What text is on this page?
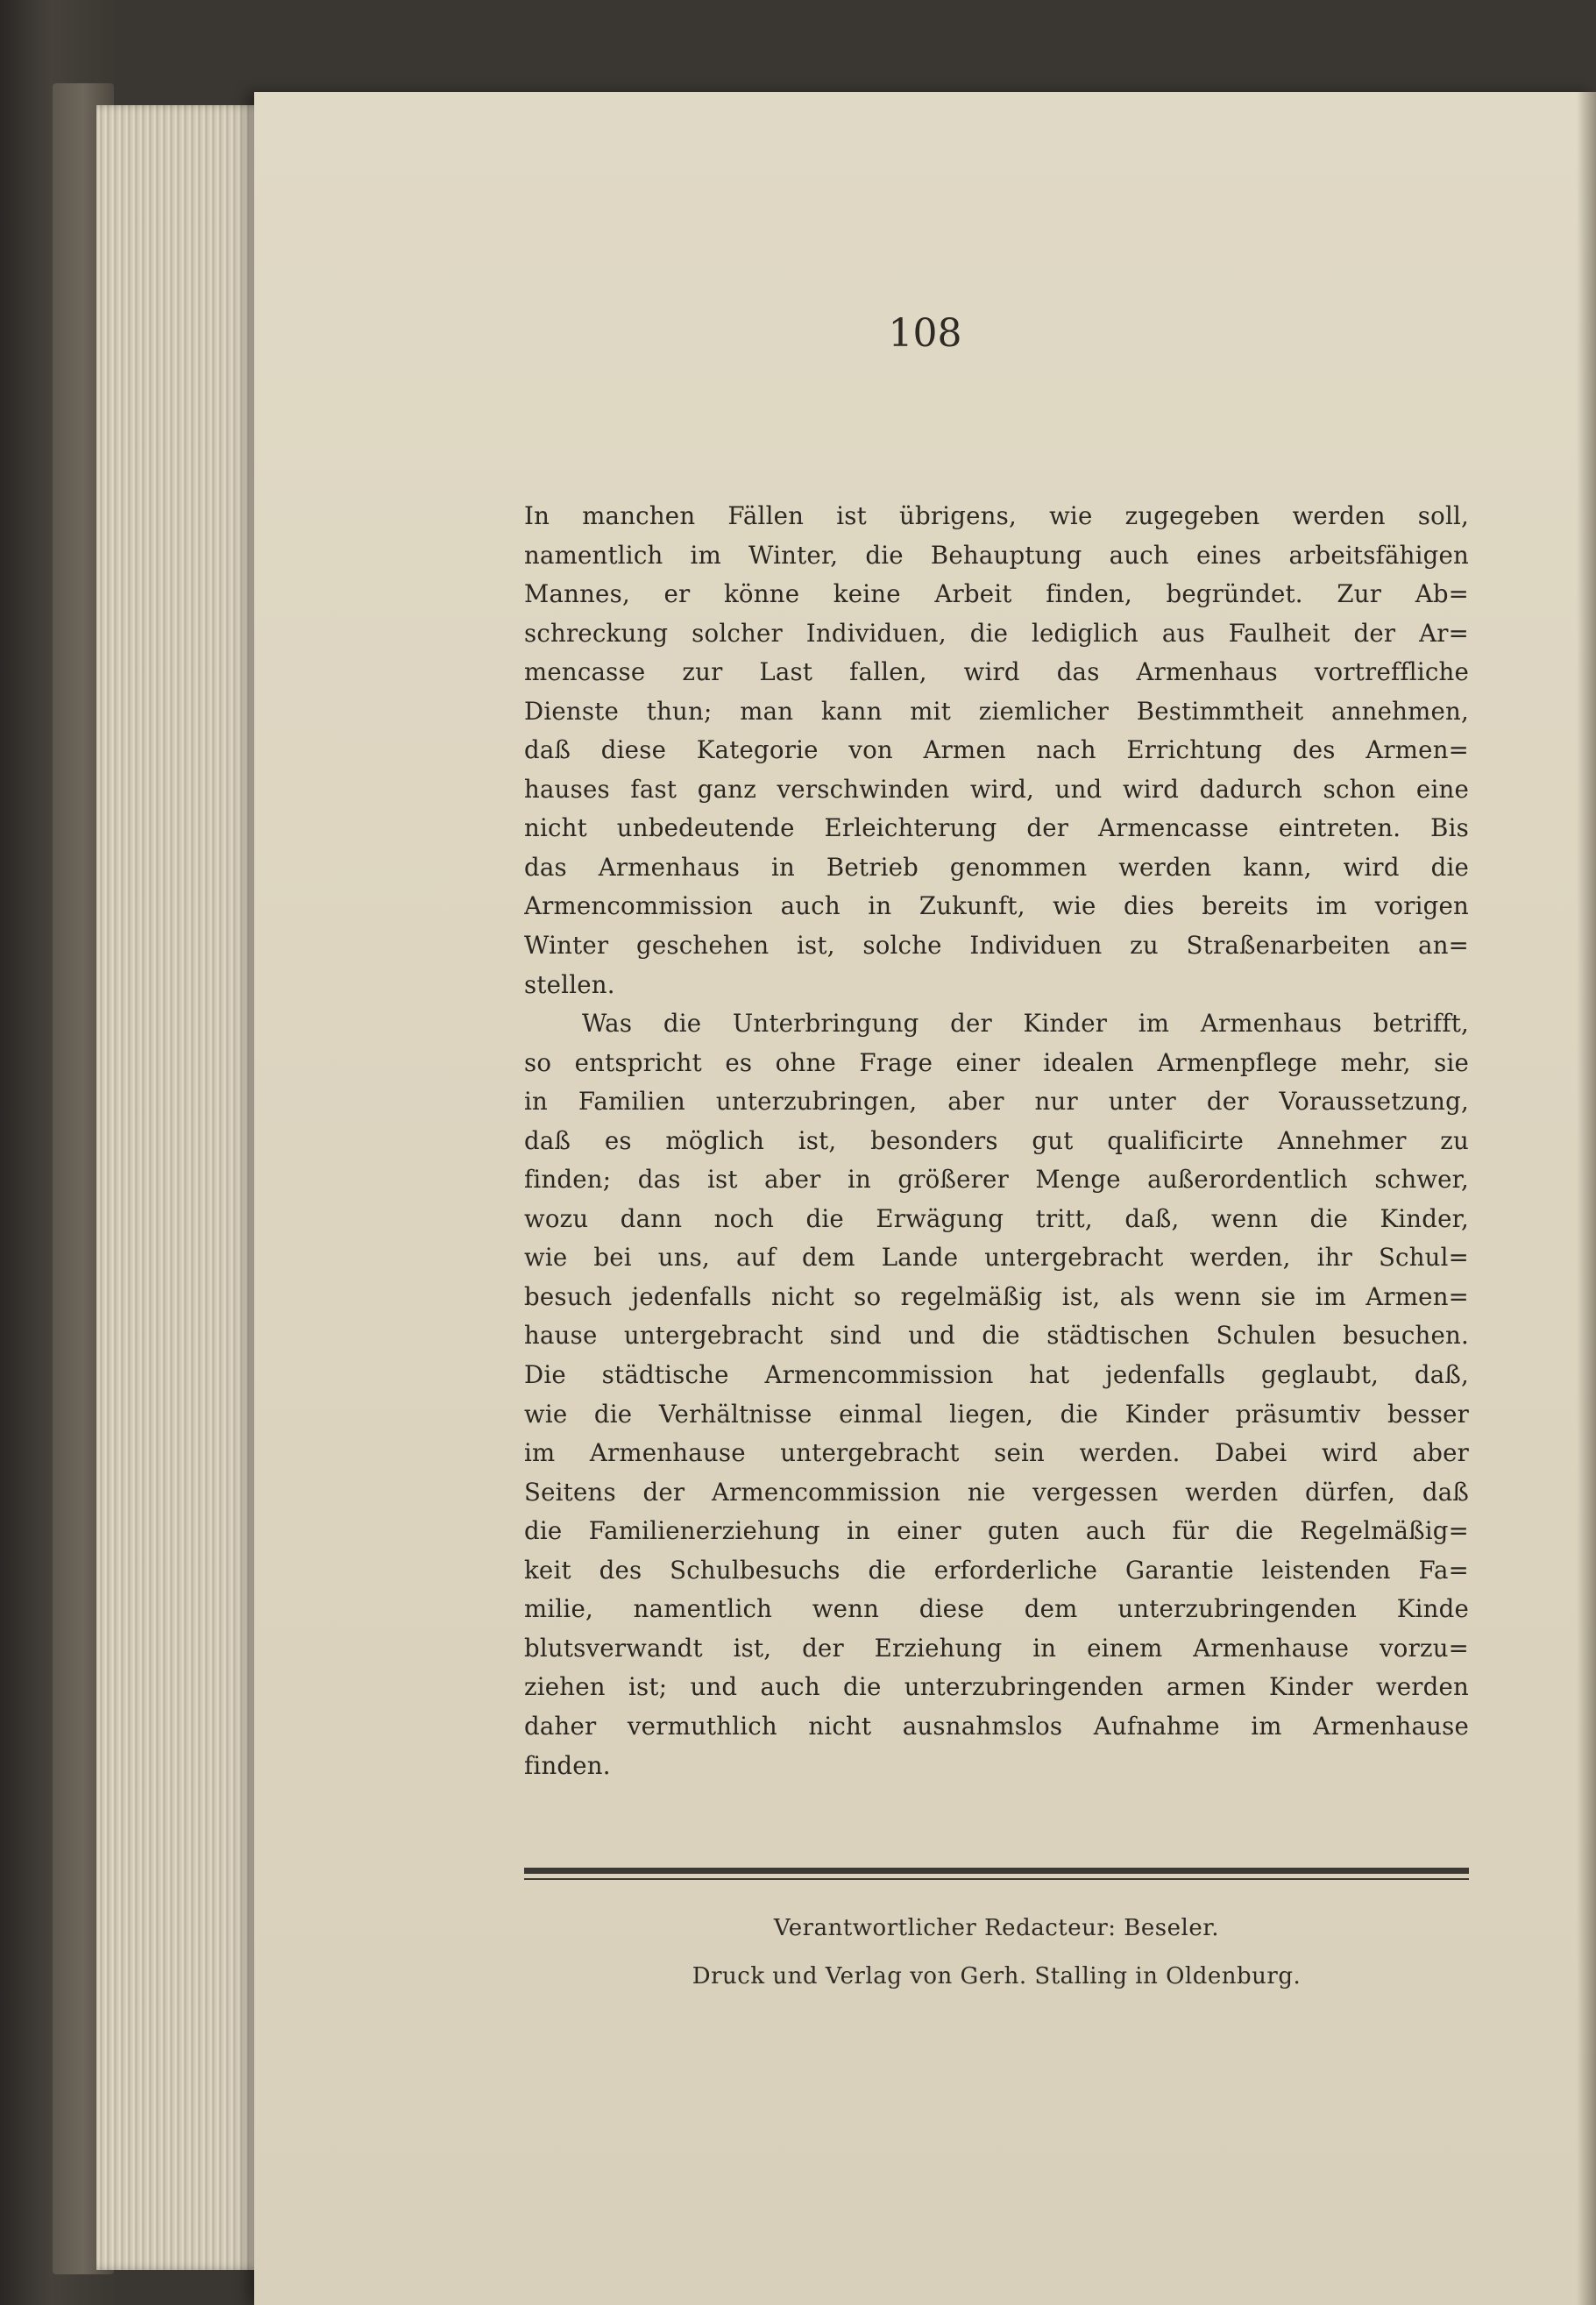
108
In manchen Fällen ist übrigens, wie zugegeben werden soll,
namentlich im Winter, die Behauptung auch eines arbeitsfähigen
Mannes, er könne keine Arbeit finden, begründet. Zur Ab=
schreckung solcher Individuen, die lediglich aus Faulheit der Ar=
mencasse zur Last fallen, wird das Armenhaus vortreffliche
Dienste thun; man kann mit ziemlicher Bestimmtheit annehmen,
daß diese Kategorie von Armen nach Errichtung des Armen=
hauses fast ganz verschwinden wird, und wird dadurch schon eine
nicht unbedeutende Erleichterung der Armencasse eintreten. Bis
das Armenhaus in Betrieb genommen werden kann, wird die
Armencommission auch in Zukunft, wie dies bereits im vorigen
Winter geschehen ist, solche Individuen zu Straßenarbeiten an=
stellen.
Was die Unterbringung der Kinder im Armenhaus betrifft,
so entspricht es ohne Frage einer idealen Armenpflege mehr, sie
in Familien unterzubringen, aber nur unter der Voraussetzung,
daß es möglich ist, besonders gut qualificirte Annehmer zu
finden; das ist aber in größerer Menge außerordentlich schwer,
wozu dann noch die Erwägung tritt, daß, wenn die Kinder,
wie bei uns, auf dem Lande untergebracht werden, ihr Schul=
besuch jedenfalls nicht so regelmäßig ist, als wenn sie im Armen=
hause untergebracht sind und die städtischen Schulen besuchen.
Die städtische Armencommission hat jedenfalls geglaubt, daß,
wie die Verhältnisse einmal liegen, die Kinder präsumtiv besser
im Armenhause untergebracht sein werden. Dabei wird aber
Seitens der Armencommission nie vergessen werden dürfen, daß
die Familienerziehung in einer guten auch für die Regelmäßig=
keit des Schulbesuchs die erforderliche Garantie leistenden Fa=
milie, namentlich wenn diese dem unterzubringenden Kinde
blutsverwandt ist, der Erziehung in einem Armenhause vorzu=
ziehen ist; und auch die unterzubringenden armen Kinder werden
daher vermuthlich nicht ausnahmslos Aufnahme im Armenhause
finden.
Verantwortlicher Redacteur: Beseler.
Druck und Verlag von Gerh. Stalling in Oldenburg.
